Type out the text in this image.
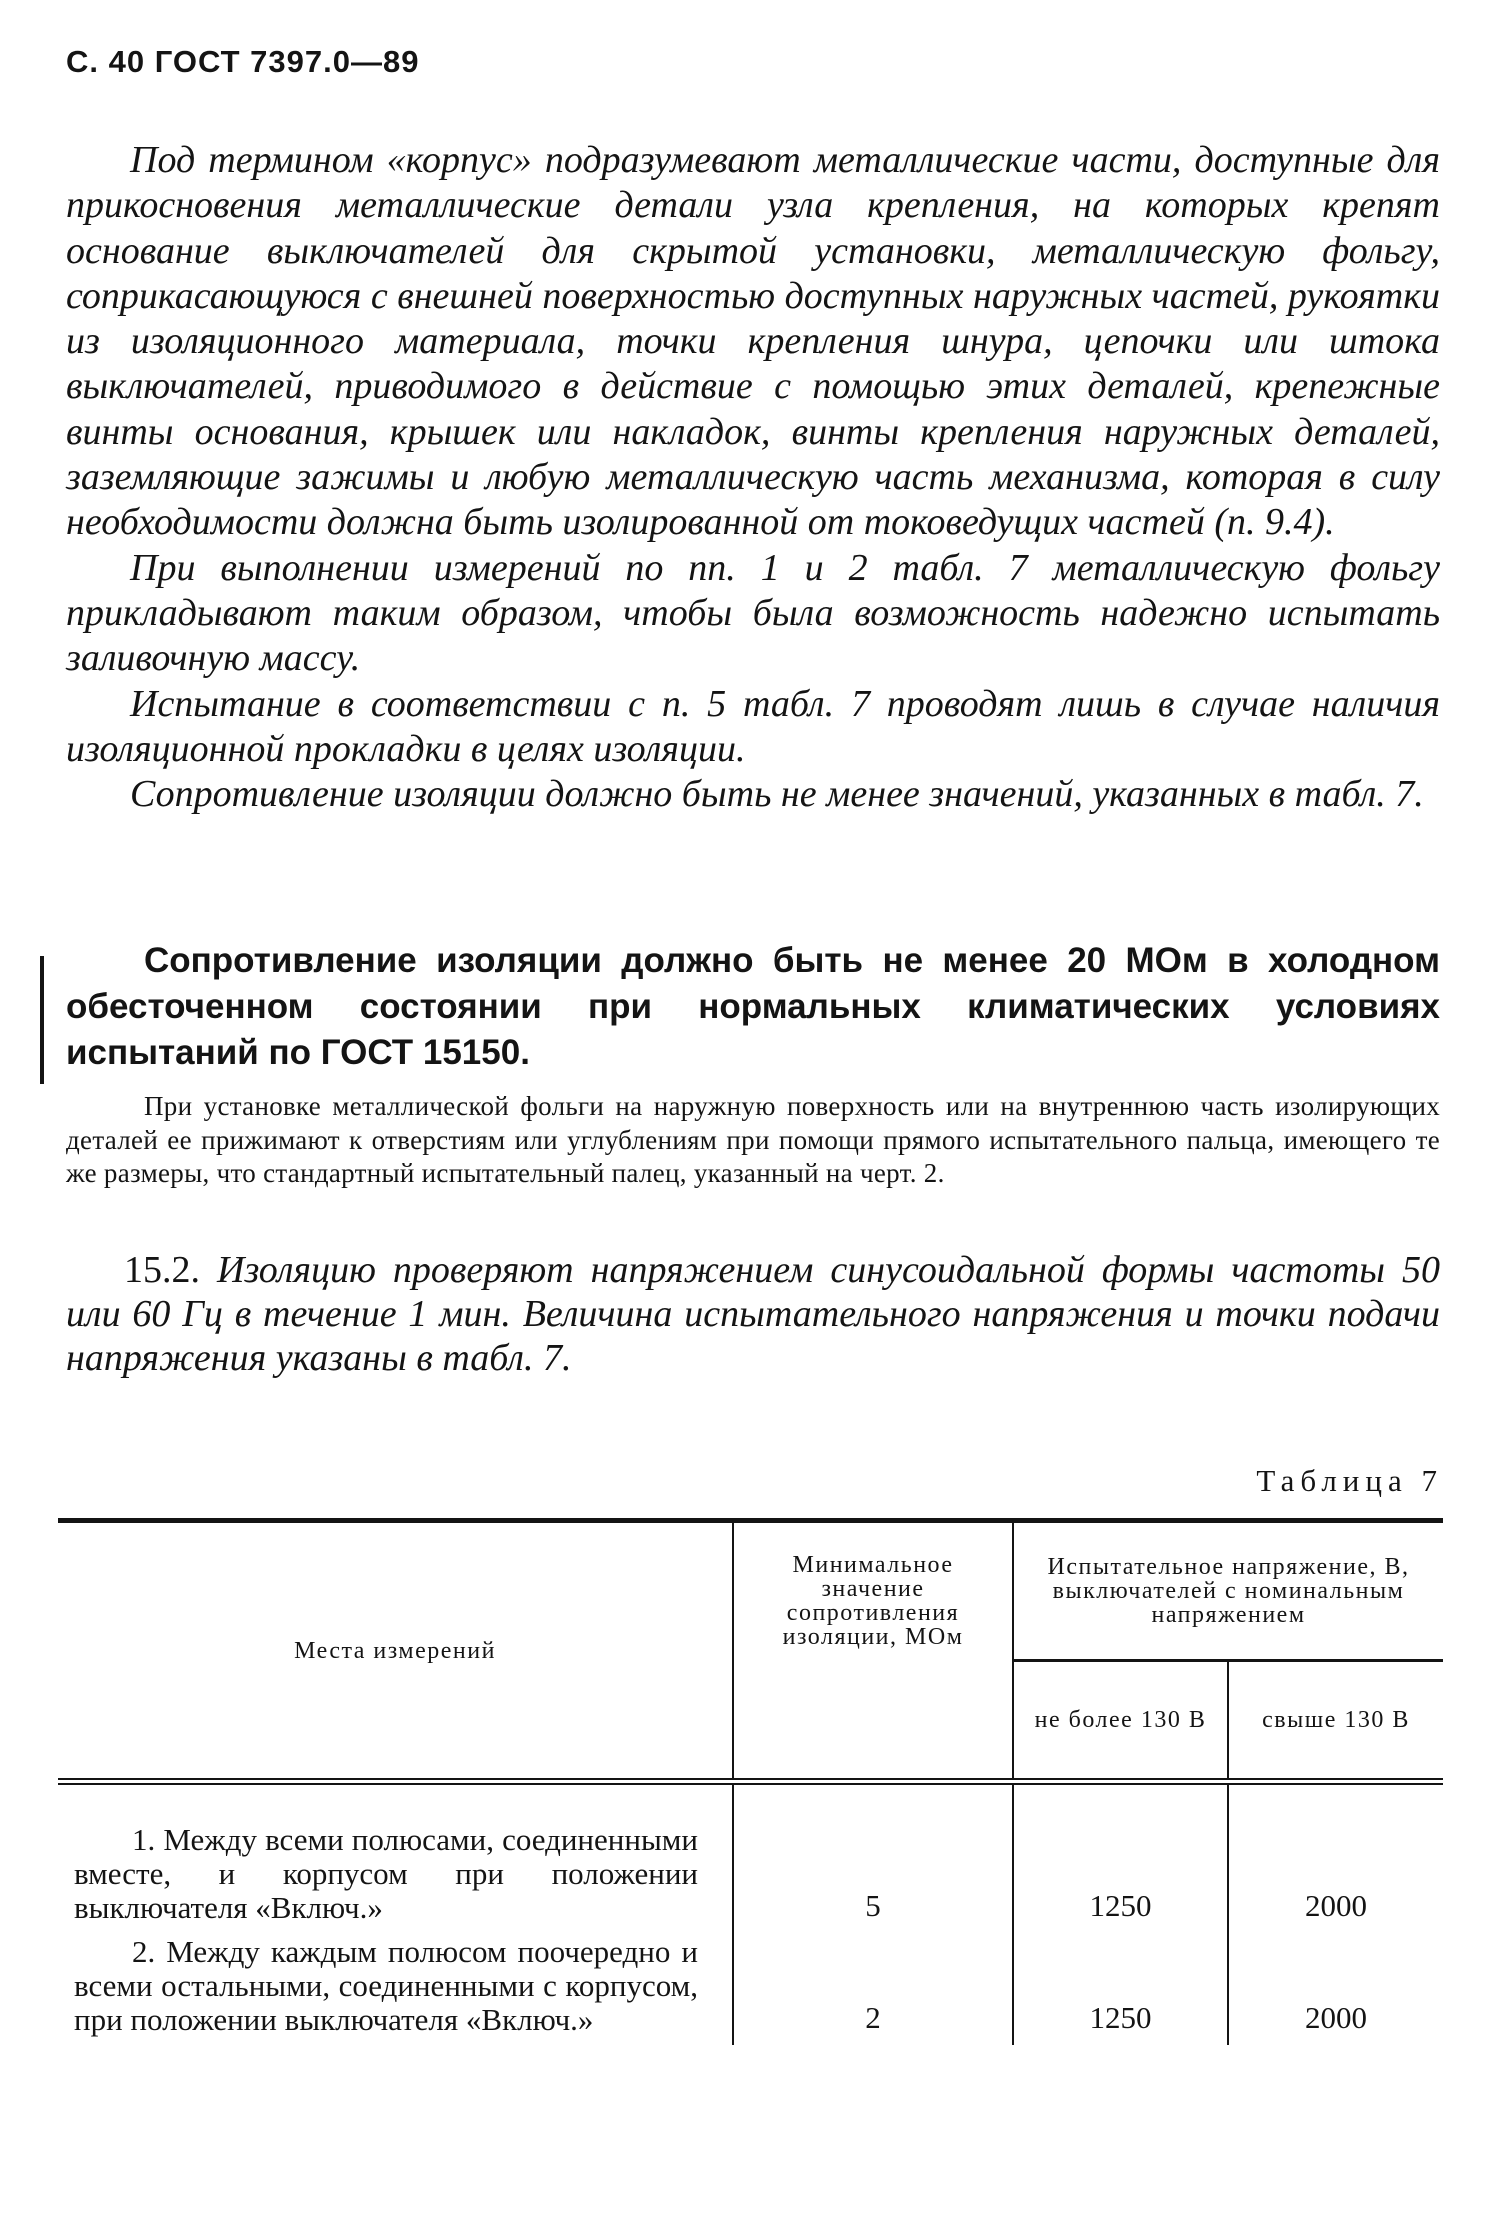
С. 40 ГОСТ 7397.0—89

Под термином «корпус» подразумевают металлические части, доступные для прикосновения металлические детали узла крепления, на которых крепят основание выключателей для скрытой установки, металлическую фольгу, соприкасающуюся с внешней поверхностью доступных наружных частей, рукоятки из изоляционного материала, точки крепления шнура, цепочки или штока выключателей, приводимого в действие с помощью этих деталей, крепежные винты основания, крышек или накладок, винты крепления наружных деталей, заземляющие зажимы и любую металлическую часть механизма, которая в силу необходимости должна быть изолированной от токоведущих частей (п. 9.4).

При выполнении измерений по пп. 1 и 2 табл. 7 металлическую фольгу прикладывают таким образом, чтобы была возможность надежно испытать заливочную массу.

Испытание в соответствии с п. 5 табл. 7 проводят лишь в случае наличия изоляционной прокладки в целях изоляции.

Сопротивление изоляции должно быть не менее значений, указанных в табл. 7.

Сопротивление изоляции должно быть не менее 20 МОм в холодном обесточенном состоянии при нормальных климатических условиях испытаний по ГОСТ 15150.

При установке металлической фольги на наружную поверхность или на внутреннюю часть изолирующих деталей ее прижимают к отверстиям или углублениям при помощи прямого испытательного пальца, имеющего те же размеры, что стандартный испытательный палец, указанный на черт. 2.

15.2. Изоляцию проверяют напряжением синусоидальной формы частоты 50 или 60 Гц в течение 1 мин. Величина испытательного напряжения и точки подачи напряжения указаны в табл. 7.

Таблица 7
Места измерений	Минимальное значение сопротивления изоляции, МОм	Испытательное напряжение, В, выключателей с номинальным напряжением	
		не более 130 В	свыше 130 В

1. Между всеми полюсами, соединенными вместе, и корпусом при положении выключателя «Включ.»	5	1250	2000

2. Между каждым полюсом поочередно и всеми остальными, соединенными с корпусом, при положении выключателя «Включ.»	2	1250	2000
